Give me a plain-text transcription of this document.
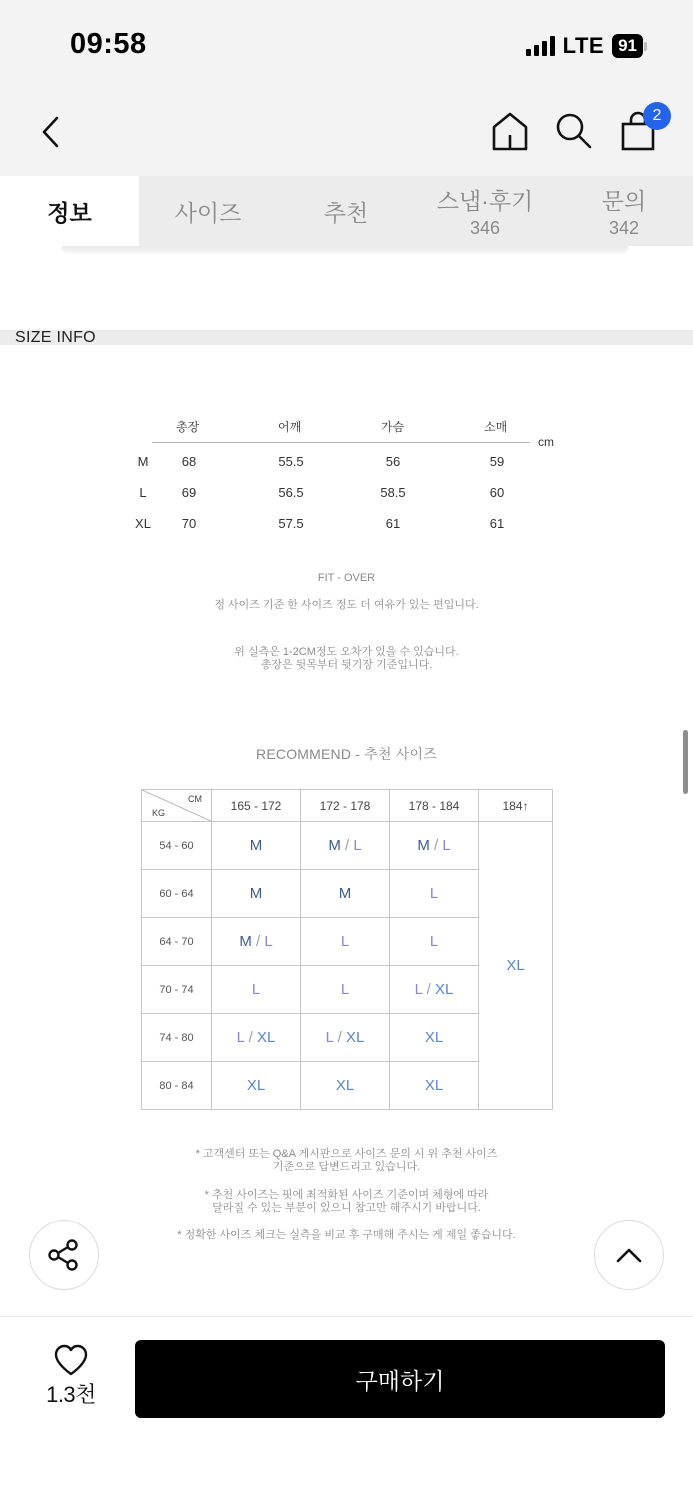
09:58	LTE 91
2
정보	사이즈	추천	스냅·후기
346
문의
342
SIZE INFO
총장	어깨	가슴	소매
cm
M	68	55.5	56	59
L	69	56.5	58.5	60
XL 70	57.5	61	61
FIT - OVER
정 사이즈 기준 한 사이즈 정도 더 여유가 있는 편입니다.
위 실측은 1-2CM정도 오차가 있을 수 있습니다.
총장은 뒷목부터 뒷기장 기준입니다.
RECOMMEND - 추천 사이즈
CM
KG	165 - 172	172 - 178	178 - 184	184↑
54 - 60	M	M / L	M / L	XL
60 - 64	M	M	L	
64 - 70	M / L	L	L	
70 - 74	L	L	L / XL	
74 - 80	L / XL	L / XL	XL	
80 - 84	XL	XL	XL	
* 고객센터 또는 Q&A 게시판으로 사이즈 문의 시 위 추천 사이즈
기준으로 답변드리고 있습니다.
* 추천 사이즈는 핏에 최적화된 사이즈 기준이며 체형에 따라
달라질 수 있는 부분이 있으니 참고만 해주시기 바랍니다.
* 정확한 사이즈 체크는 실측을 비교 후 구매해 주시는 게 제일 좋습니다.
1.3천
구매하기
